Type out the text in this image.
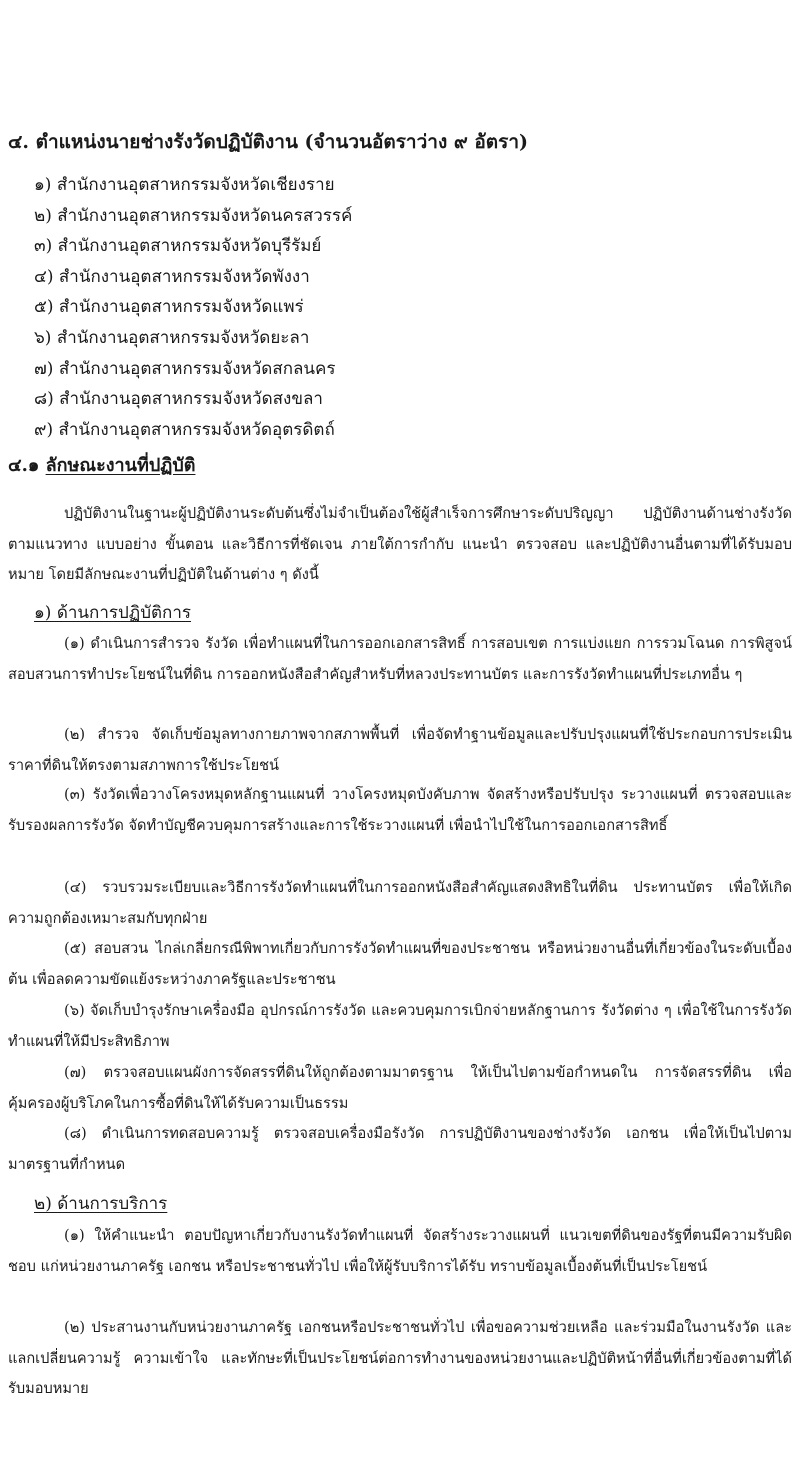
๔. ตำแหน่งนายช่างรังวัดปฏิบัติงาน (จำนวนอัตราว่าง ๙ อัตรา)
๑) สำนักงานอุตสาหกรรมจังหวัดเชียงราย
๒) สำนักงานอุตสาหกรรมจังหวัดนครสวรรค์
๓) สำนักงานอุตสาหกรรมจังหวัดบุรีรัมย์
๔) สำนักงานอุตสาหกรรมจังหวัดพังงา
๕) สำนักงานอุตสาหกรรมจังหวัดแพร่
๖) สำนักงานอุตสาหกรรมจังหวัดยะลา
๗) สำนักงานอุตสาหกรรมจังหวัดสกลนคร
๘) สำนักงานอุตสาหกรรมจังหวัดสงขลา
๙) สำนักงานอุตสาหกรรมจังหวัดอุตรดิตถ์
๔.๑ ลักษณะงานที่ปฏิบัติ

ปฏิบัติงานในฐานะผู้ปฏิบัติงานระดับต้นซึ่งไม่จำเป็นต้องใช้ผู้สำเร็จการศึกษาระดับปริญญา ปฏิบัติงานด้านช่างรังวัด ตามแนวทาง แบบอย่าง ขั้นตอน และวิธีการที่ชัดเจน ภายใต้การกำกับ แนะนำ ตรวจสอบ และปฏิบัติงานอื่นตามที่ได้รับมอบหมาย โดยมีลักษณะงานที่ปฏิบัติในด้านต่าง ๆ ดังนี้

๑) ด้านการปฏิบัติการ

(๑) ดำเนินการสำรวจ รังวัด เพื่อทำแผนที่ในการออกเอกสารสิทธิ์ การสอบเขต การแบ่งแยก การรวมโฉนด การพิสูจน์สอบสวนการทำประโยชน์ในที่ดิน การออกหนังสือสำคัญสำหรับที่หลวงประทานบัตร และการรังวัดทำแผนที่ประเภทอื่น ๆ

(๒) สำรวจ จัดเก็บข้อมูลทางกายภาพจากสภาพพื้นที่ เพื่อจัดทำฐานข้อมูลและปรับปรุงแผนที่ใช้ประกอบการประเมินราคาที่ดินให้ตรงตามสภาพการใช้ประโยชน์

(๓) รังวัดเพื่อวางโครงหมุดหลักฐานแผนที่ วางโครงหมุดบังคับภาพ จัดสร้างหรือปรับปรุง ระวางแผนที่ ตรวจสอบและรับรองผลการรังวัด จัดทำบัญชีควบคุมการสร้างและการใช้ระวางแผนที่ เพื่อนำไปใช้ในการออกเอกสารสิทธิ์

(๔) รวบรวมระเบียบและวิธีการรังวัดทำแผนที่ในการออกหนังสือสำคัญแสดงสิทธิในที่ดิน ประทานบัตร เพื่อให้เกิดความถูกต้องเหมาะสมกับทุกฝ่าย

(๕) สอบสวน ไกล่เกลี่ยกรณีพิพาทเกี่ยวกับการรังวัดทำแผนที่ของประชาชน หรือหน่วยงานอื่นที่เกี่ยวข้องในระดับเบื้องต้น เพื่อลดความขัดแย้งระหว่างภาครัฐและประชาชน

(๖) จัดเก็บบำรุงรักษาเครื่องมือ อุปกรณ์การรังวัด และควบคุมการเบิกจ่ายหลักฐานการ รังวัดต่าง ๆ เพื่อใช้ในการรังวัดทำแผนที่ให้มีประสิทธิภาพ

(๗) ตรวจสอบแผนผังการจัดสรรที่ดินให้ถูกต้องตามมาตรฐาน ให้เป็นไปตามข้อกำหนดใน การจัดสรรที่ดิน เพื่อคุ้มครองผู้บริโภคในการซื้อที่ดินให้ได้รับความเป็นธรรม

(๘) ดำเนินการทดสอบความรู้ ตรวจสอบเครื่องมือรังวัด การปฏิบัติงานของช่างรังวัด เอกชน เพื่อให้เป็นไปตามมาตรฐานที่กำหนด

๒) ด้านการบริการ

(๑) ให้คำแนะนำ ตอบปัญหาเกี่ยวกับงานรังวัดทำแผนที่ จัดสร้างระวางแผนที่ แนวเขตที่ดินของรัฐที่ตนมีความรับผิดชอบ แก่หน่วยงานภาครัฐ เอกชน หรือประชาชนทั่วไป เพื่อให้ผู้รับบริการได้รับ ทราบข้อมูลเบื้องต้นที่เป็นประโยชน์

(๒) ประสานงานกับหน่วยงานภาครัฐ เอกชนหรือประชาชนทั่วไป เพื่อขอความช่วยเหลือ และร่วมมือในงานรังวัด และแลกเปลี่ยนความรู้ ความเข้าใจ และทักษะที่เป็นประโยชน์ต่อการทำงานของหน่วยงานและปฏิบัติหน้าที่อื่นที่เกี่ยวข้องตามที่ได้รับมอบหมาย
